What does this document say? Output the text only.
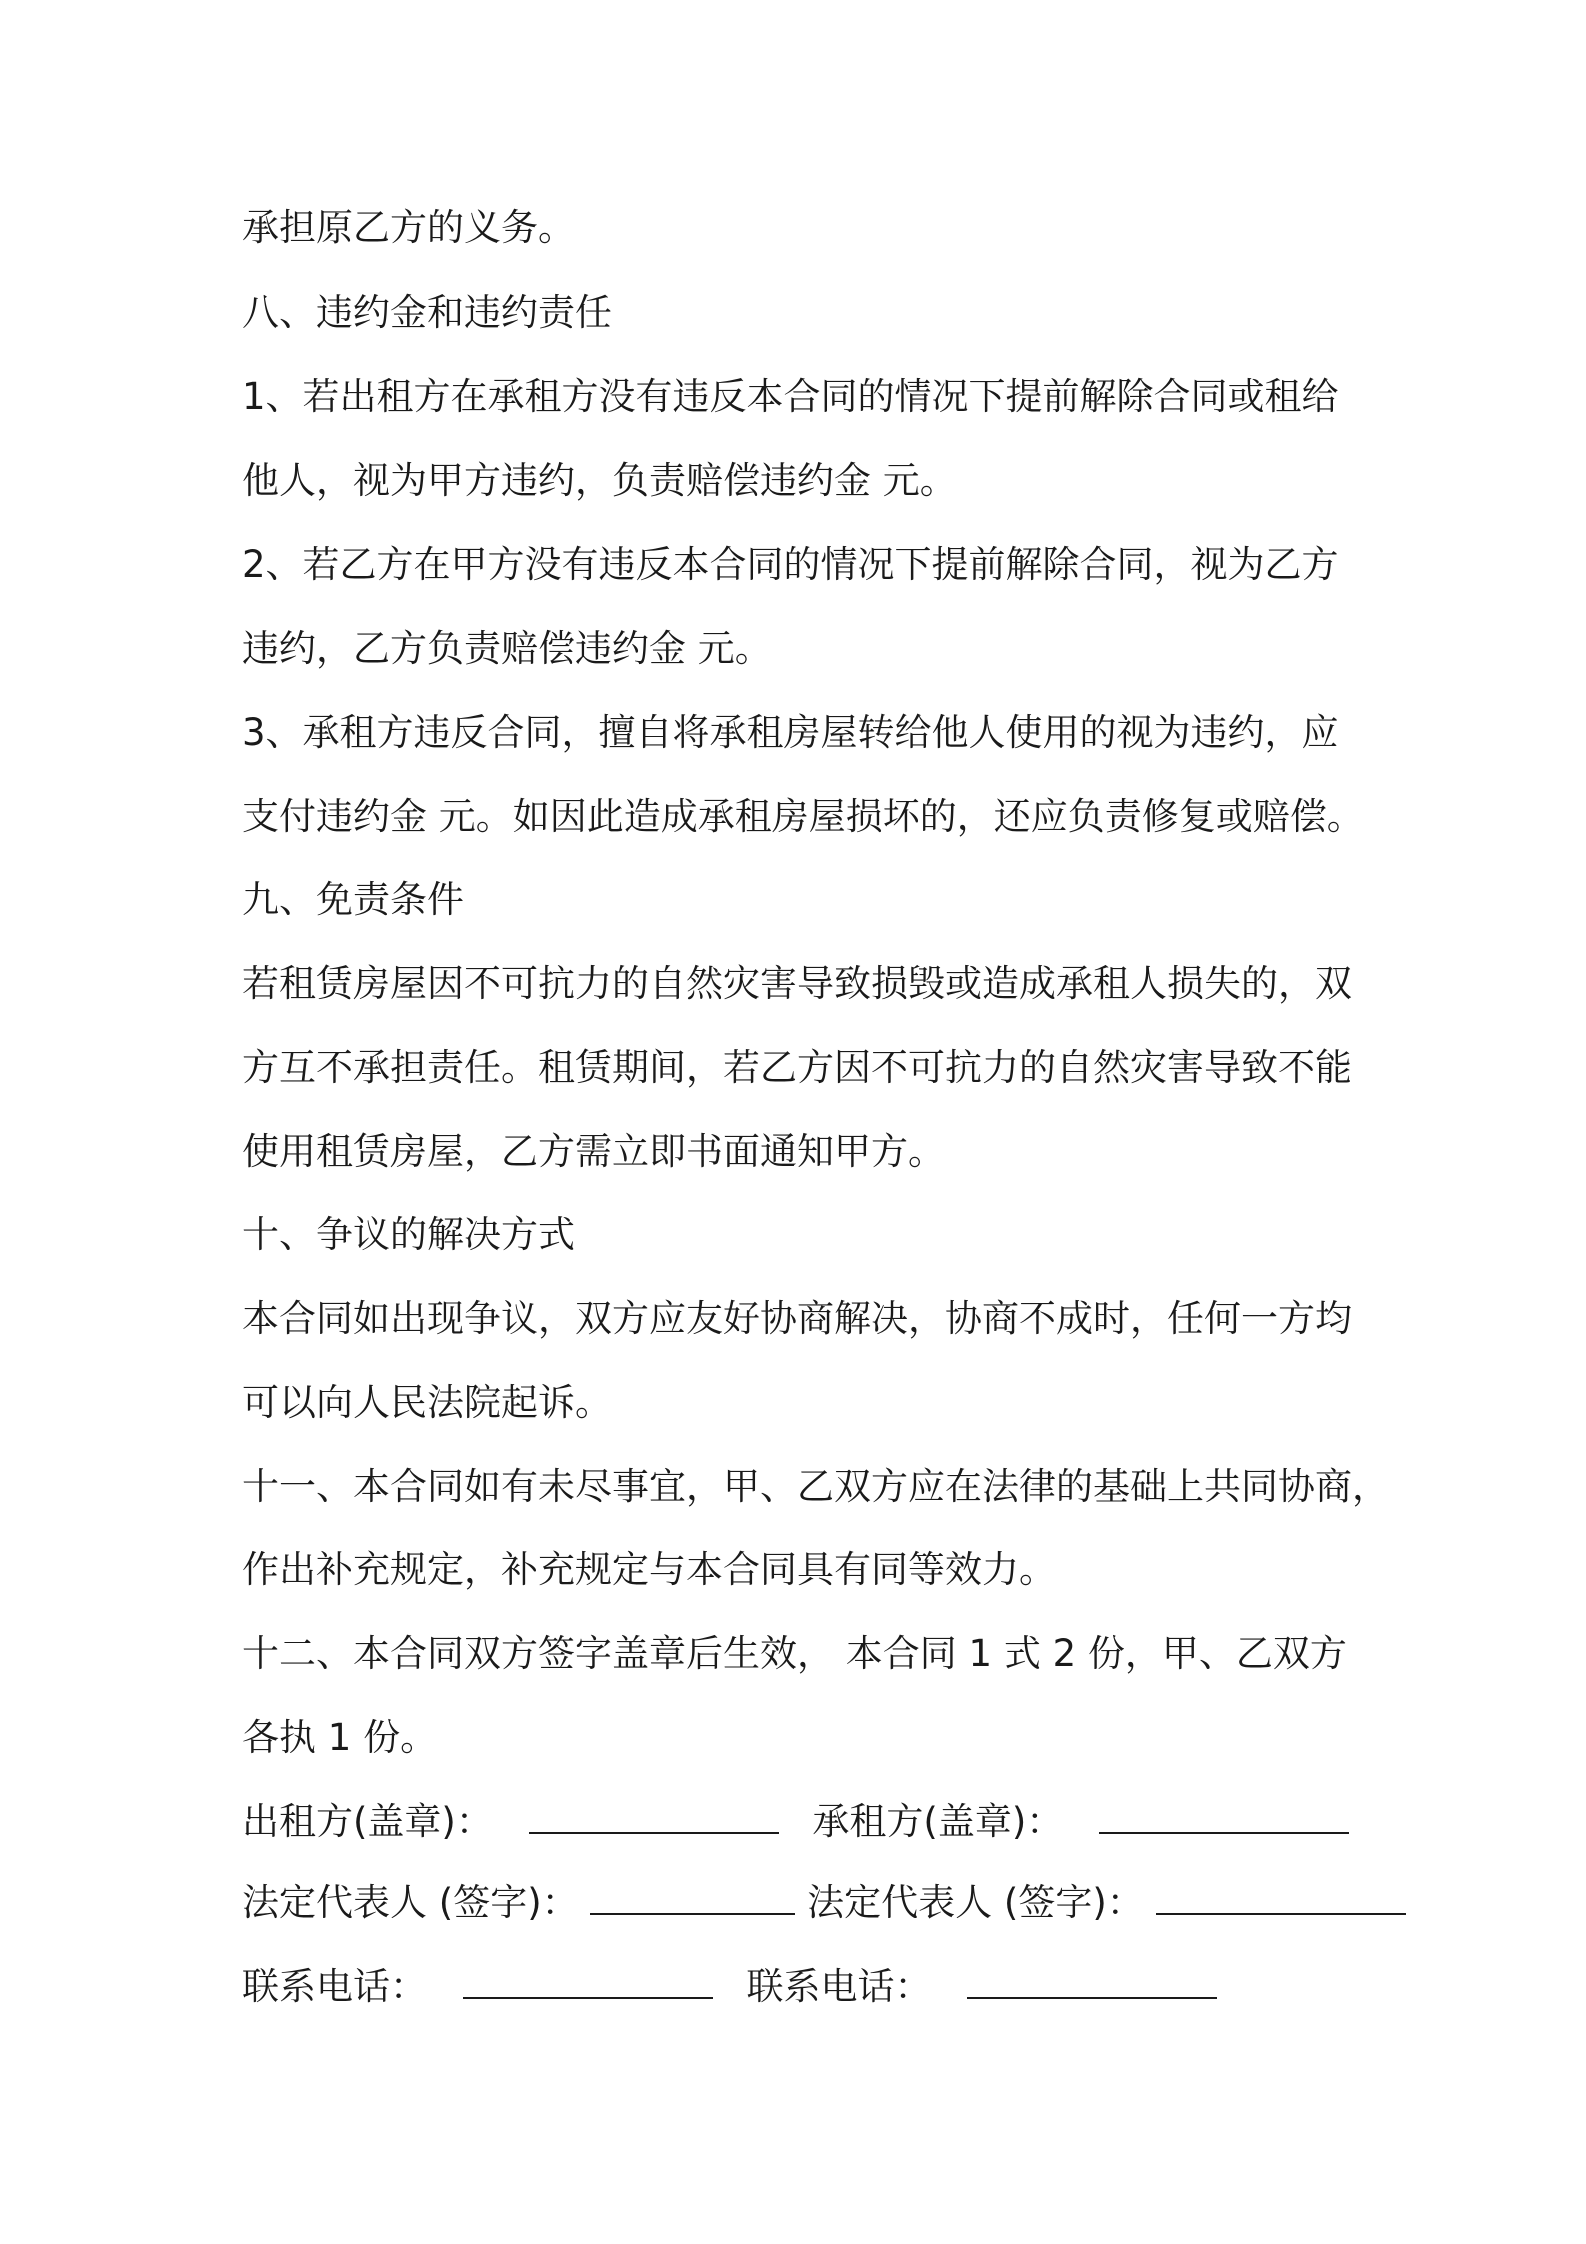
承担原乙方的义务。
八、违约金和违约责任
1、若出租方在承租方没有违反本合同的情况下提前解除合同或租给
他人，视为甲方违约，负责赔偿违约金 元。
2、若乙方在甲方没有违反本合同的情况下提前解除合同，视为乙方
违约，乙方负责赔偿违约金 元。
3、承租方违反合同，擅自将承租房屋转给他人使用的视为违约，应
支付违约金 元。如因此造成承租房屋损坏的，还应负责修复或赔偿。
九、免责条件
若租赁房屋因不可抗力的自然灾害导致损毁或造成承租人损失的，双
方互不承担责任。租赁期间，若乙方因不可抗力的自然灾害导致不能
使用租赁房屋，乙方需立即书面通知甲方。
十、争议的解决方式
本合同如出现争议，双方应友好协商解决，协商不成时，任何一方均
可以向人民法院起诉。
十一、本合同如有未尽事宜，甲、乙双方应在法律的基础上共同协商，
作出补充规定，补充规定与本合同具有同等效力。
十二、本合同双方签字盖章后生效， 本合同 1 式 2 份，甲、乙双方
各执 1 份。
出租方(盖章)：	承租方(盖章)：
法定代表人 (签字)：	法定代表人 (签字)：
联系电话：	联系电话：
